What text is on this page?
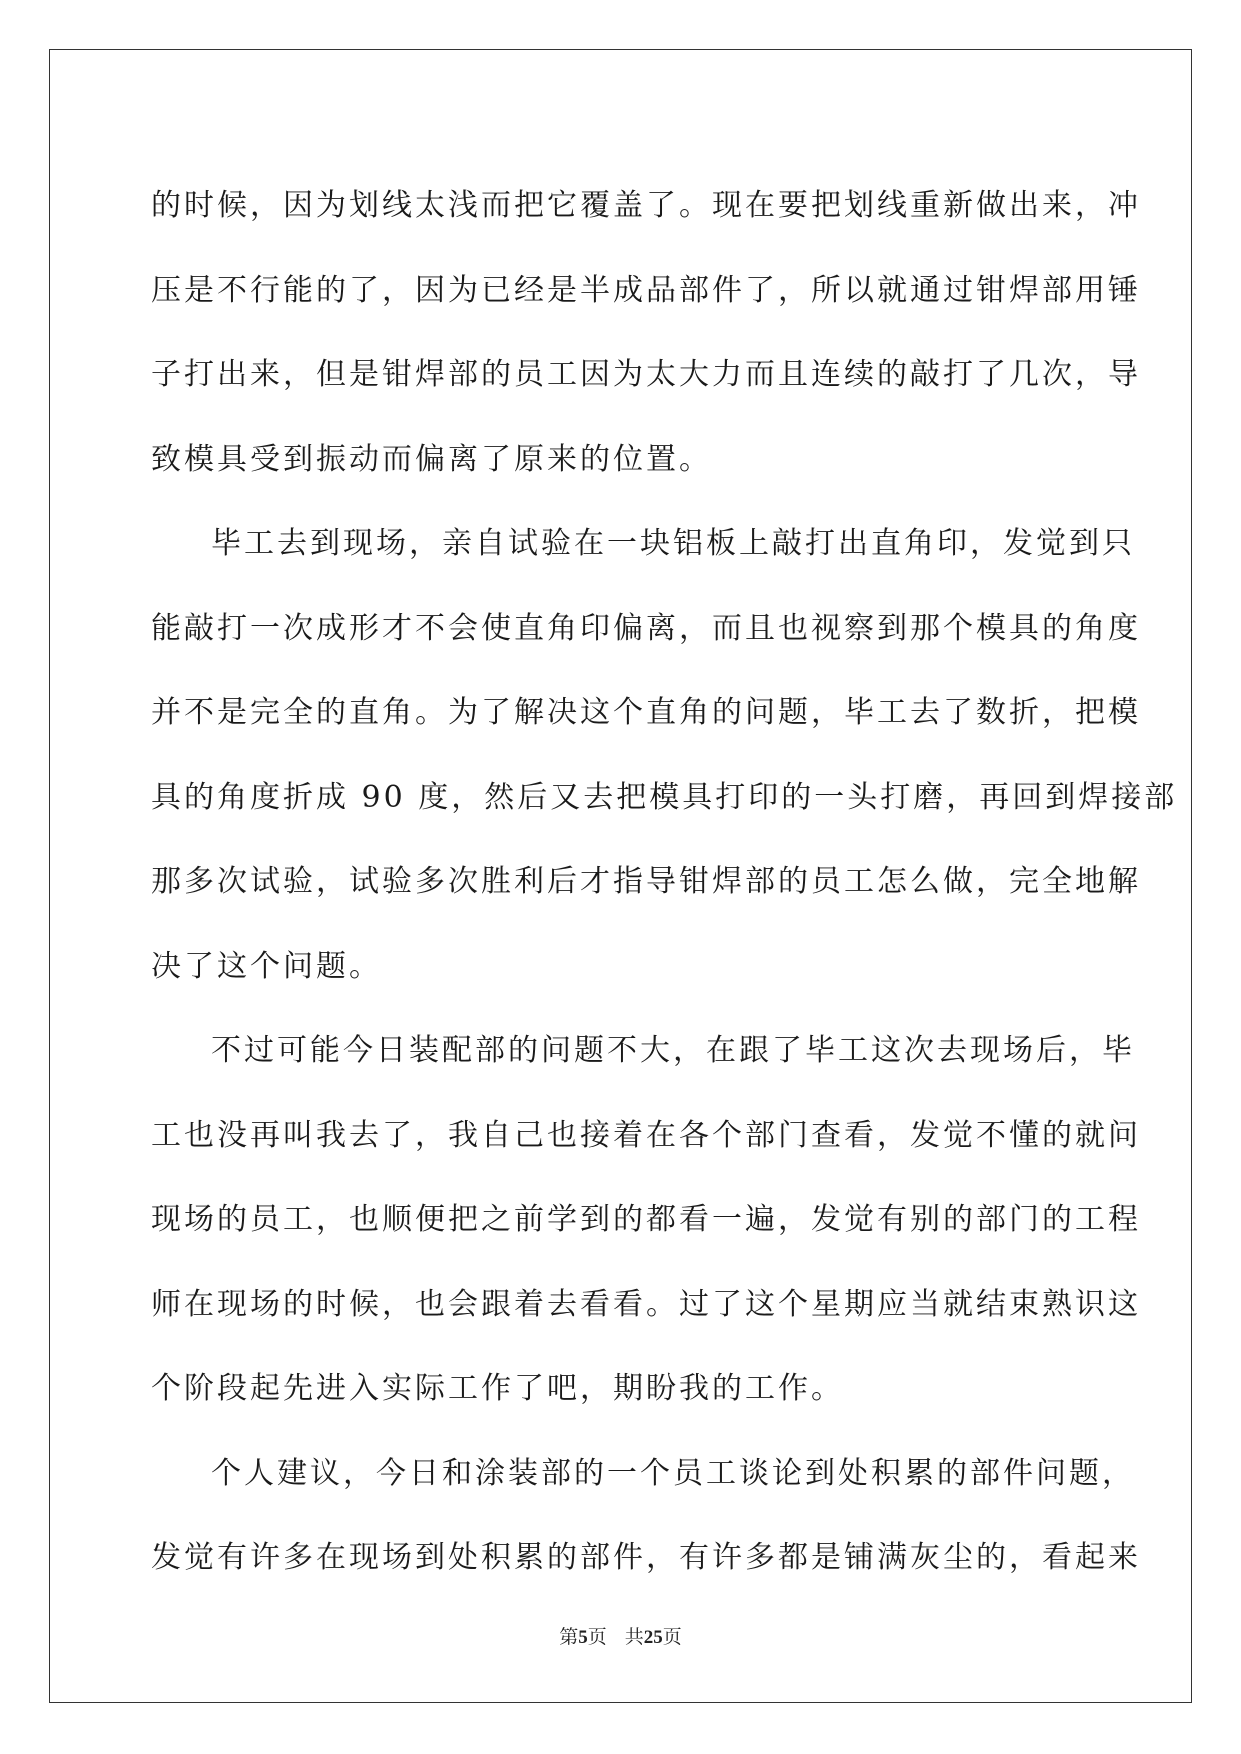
的时候，因为划线太浅而把它覆盖了。现在要把划线重新做出来，冲
压是不行能的了，因为已经是半成品部件了，所以就通过钳焊部用锤
子打出来，但是钳焊部的员工因为太大力而且连续的敲打了几次，导
致模具受到振动而偏离了原来的位置。

毕工去到现场，亲自试验在一块铝板上敲打出直角印，发觉到只
能敲打一次成形才不会使直角印偏离，而且也视察到那个模具的角度
并不是完全的直角。为了解决这个直角的问题，毕工去了数折，把模
具的角度折成 90 度，然后又去把模具打印的一头打磨，再回到焊接部
那多次试验，试验多次胜利后才指导钳焊部的员工怎么做，完全地解
决了这个问题。

不过可能今日装配部的问题不大，在跟了毕工这次去现场后，毕
工也没再叫我去了，我自己也接着在各个部门查看，发觉不懂的就问
现场的员工，也顺便把之前学到的都看一遍，发觉有别的部门的工程
师在现场的时候，也会跟着去看看。过了这个星期应当就结束熟识这
个阶段起先进入实际工作了吧，期盼我的工作。

个人建议，今日和涂装部的一个员工谈论到处积累的部件问题，
发觉有许多在现场到处积累的部件，有许多都是铺满灰尘的，看起来

第5页 共25页
